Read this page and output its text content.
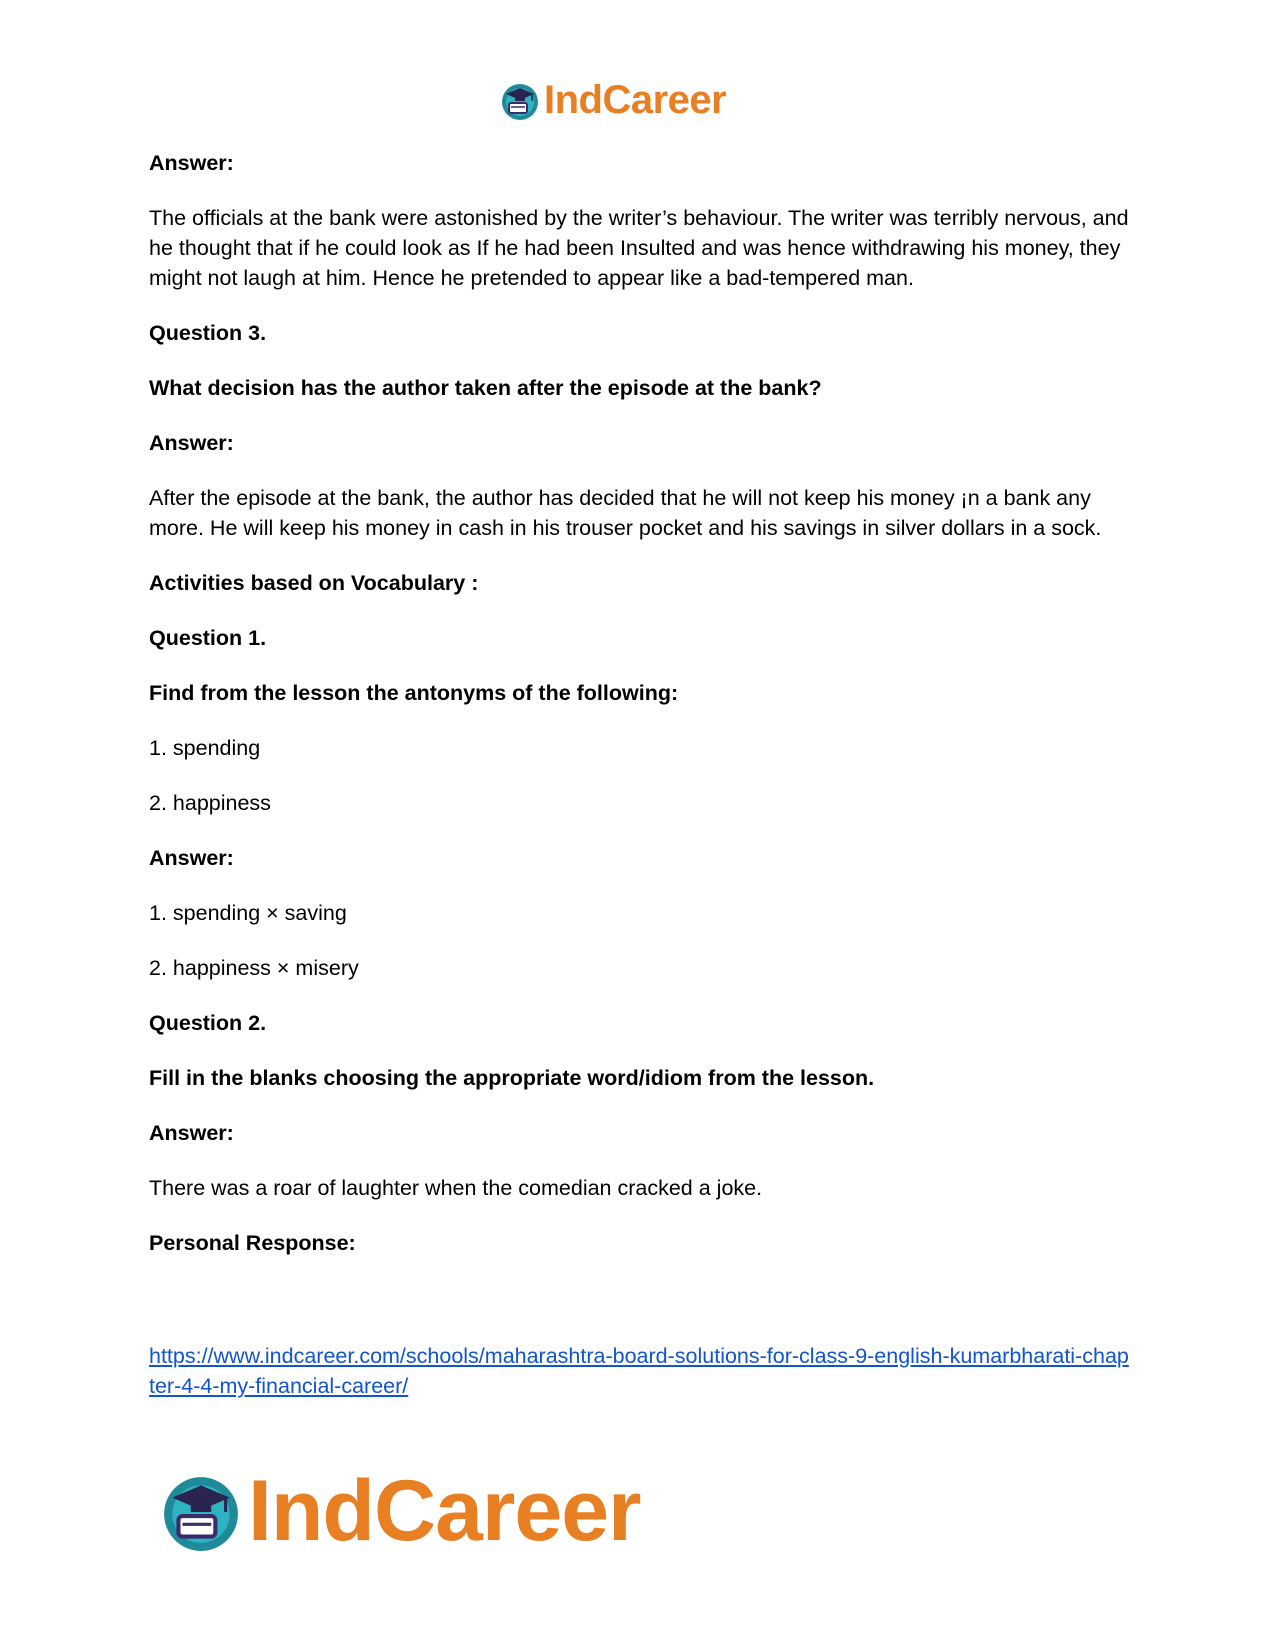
IndCareer

Answer:

The officials at the bank were astonished by the writer’s behaviour. The writer was terribly nervous, and he thought that if he could look as If he had been Insulted and was hence withdrawing his money, they might not laugh at him. Hence he pretended to appear like a bad-tempered man.

Question 3.

What decision has the author taken after the episode at the bank?

Answer:

After the episode at the bank, the author has decided that he will not keep his money ¡n a bank any more. He will keep his money in cash in his trouser pocket and his savings in silver dollars in a sock.

Activities based on Vocabulary :

Question 1.

Find from the lesson the antonyms of the following:

1. spending

2. happiness

Answer:

1. spending × saving

2. happiness × misery

Question 2.

Fill in the blanks choosing the appropriate word/idiom from the lesson.

Answer:

There was a roar of laughter when the comedian cracked a joke.

Personal Response:

https://www.indcareer.com/schools/maharashtra-board-solutions-for-class-9-english-kumarbharati-chapter-4-4-my-financial-career/
IndCareer
